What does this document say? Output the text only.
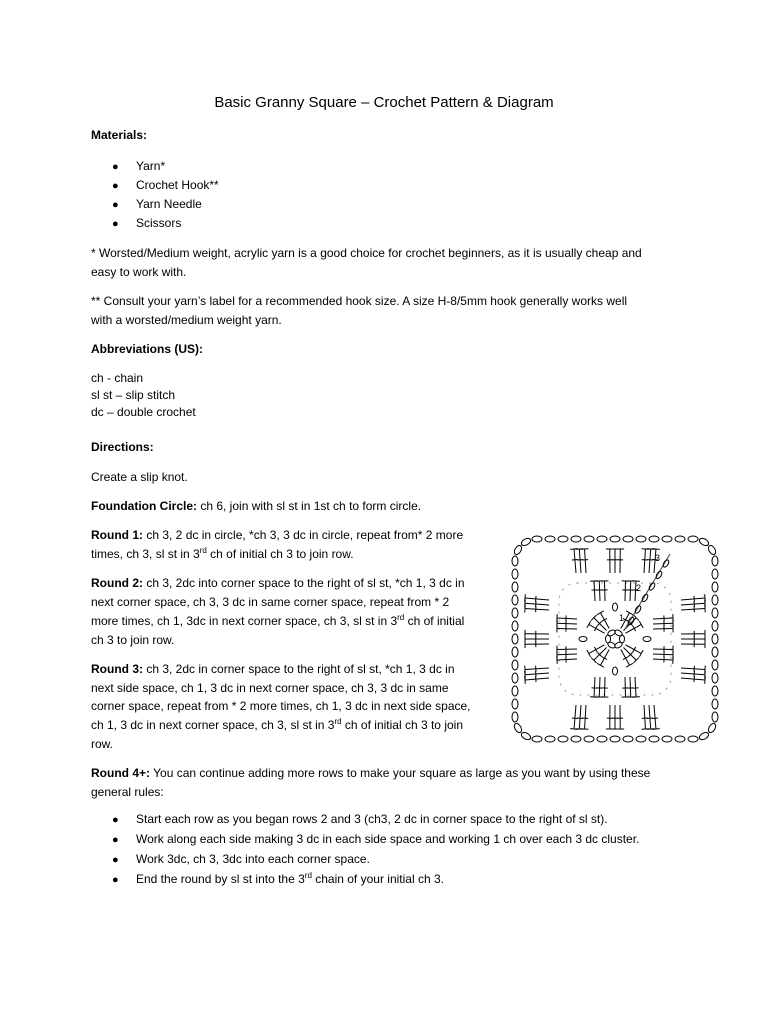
Basic Granny Square – Crochet Pattern & Diagram
Materials:
● Yarn*
● Crochet Hook**
● Yarn Needle
● Scissors
* Worsted/Medium weight, acrylic yarn is a good choice for crochet beginners, as it is usually cheap and
easy to work with.
** Consult your yarn’s label for a recommended hook size. A size H-8/5mm hook generally works well
with a worsted/medium weight yarn.
Abbreviations (US):
ch - chain
sl st – slip stitch
dc – double crochet
Directions:
Create a slip knot.
Foundation Circle: ch 6, join with sl st in 1st ch to form circle.
Round 1: ch 3, 2 dc in circle, *ch 3, 3 dc in circle, repeat from* 2 more
times, ch 3, sl st in 3rd ch of initial ch 3 to join row.
Round 2: ch 3, 2dc into corner space to the right of sl st, *ch 1, 3 dc in
next corner space, ch 3, 3 dc in same corner space, repeat from * 2
more times, ch 1, 3dc in next corner space, ch 3, sl st in 3rd ch of initial
ch 3 to join row.
Round 3: ch 3, 2dc in corner space to the right of sl st, *ch 1, 3 dc in
next side space, ch 1, 3 dc in next corner space, ch 3, 3 dc in same
corner space, repeat from * 2 more times, ch 1, 3 dc in next side space,
ch 1, 3 dc in next corner space, ch 3, sl st in 3rd ch of initial ch 3 to join
row.
Round 4+: You can continue adding more rows to make your square as large as you want by using these
general rules:
● Start each row as you began rows 2 and 3 (ch3, 2 dc in corner space to the right of sl st).
● Work along each side making 3 dc in each side space and working 1 ch over each 3 dc cluster.
● Work 3dc, ch 3, 3dc into each corner space.
● End the round by sl st into the 3rd chain of your initial ch 3.
1
2
3
